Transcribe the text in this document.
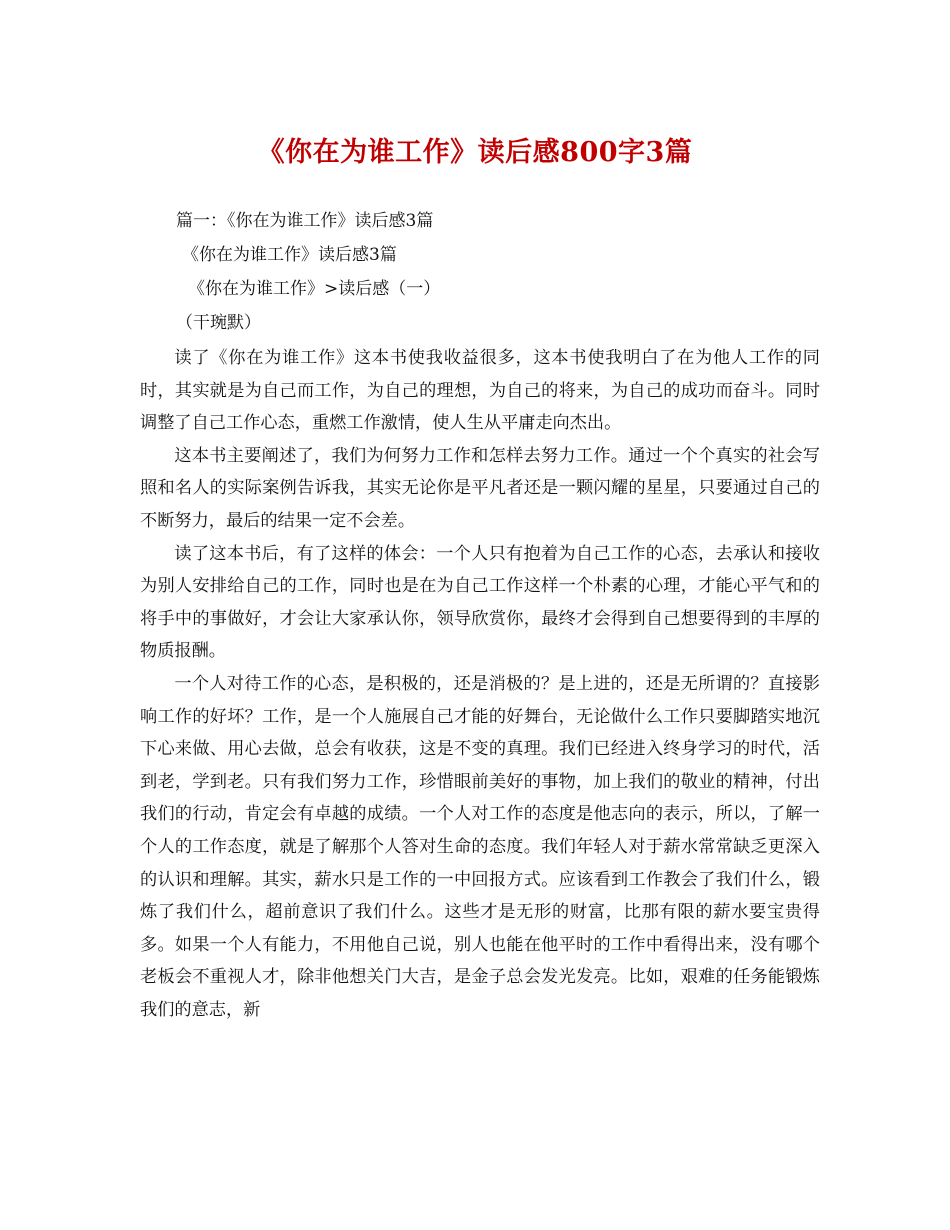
《你在为谁工作》读后感800字3篇
篇一：《你在为谁工作》读后感3篇
《你在为谁工作》读后感3篇
《你在为谁工作》>读后感（一）
（干琬默）

读了《你在为谁工作》这本书使我收益很多，这本书使我明白了在为他人工作的同时，其实就是为自己而工作，为自己的理想，为自己的将来，为自己的成功而奋斗。同时调整了自己工作心态，重燃工作激情，使人生从平庸走向杰出。

这本书主要阐述了，我们为何努力工作和怎样去努力工作。通过一个个真实的社会写照和名人的实际案例告诉我，其实无论你是平凡者还是一颗闪耀的星星，只要通过自己的不断努力，最后的结果一定不会差。

读了这本书后，有了这样的体会：一个人只有抱着为自己工作的心态，去承认和接收为别人安排给自己的工作，同时也是在为自己工作这样一个朴素的心理，才能心平气和的将手中的事做好，才会让大家承认你，领导欣赏你，最终才会得到自己想要得到的丰厚的物质报酬。

一个人对待工作的心态，是积极的，还是消极的？是上进的，还是无所谓的？直接影响工作的好坏？工作，是一个人施展自己才能的好舞台，无论做什么工作只要脚踏实地沉下心来做、用心去做，总会有收获，这是不变的真理。我们已经进入终身学习的时代，活到老，学到老。只有我们努力工作，珍惜眼前美好的事物，加上我们的敬业的精神，付出我们的行动，肯定会有卓越的成绩。一个人对工作的态度是他志向的表示，所以，了解一个人的工作态度，就是了解那个人答对生命的态度。我们年轻人对于薪水常常缺乏更深入的认识和理解。其实，薪水只是工作的一中回报方式。应该看到工作教会了我们什么，锻炼了我们什么，超前意识了我们什么。这些才是无形的财富，比那有限的薪水要宝贵得多。如果一个人有能力，不用他自己说，别人也能在他平时的工作中看得出来，没有哪个老板会不重视人才，除非他想关门大吉，是金子总会发光发亮。比如，艰难的任务能锻炼我们的意志，新
